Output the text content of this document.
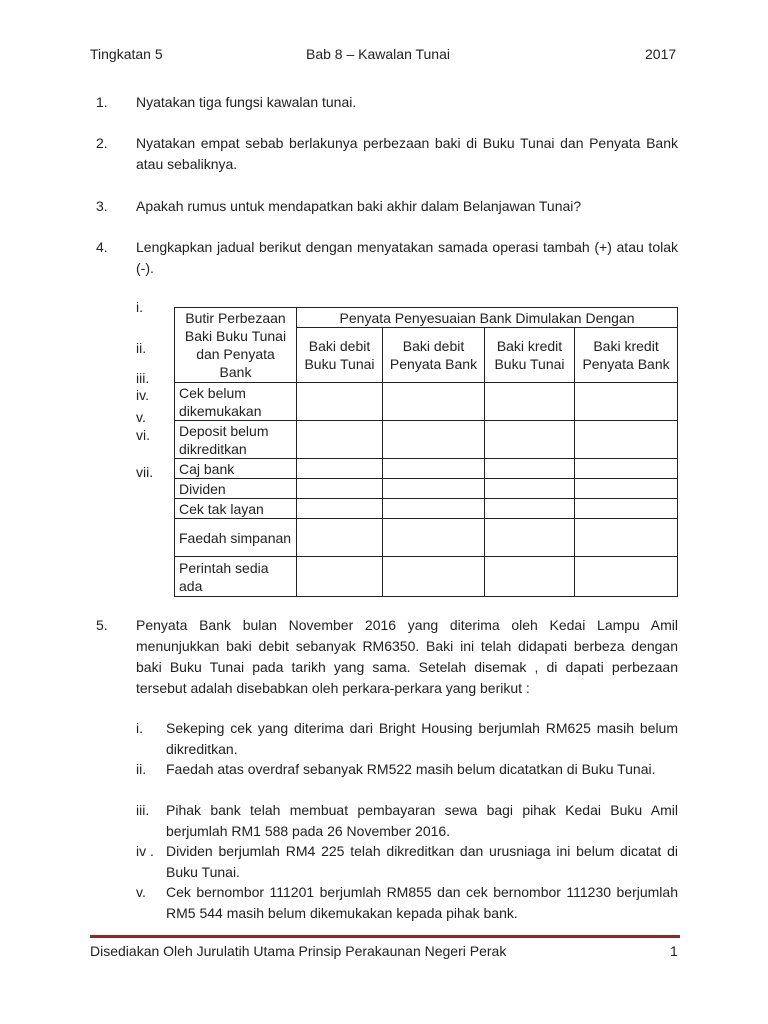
Tingkatan 5	Bab 8 – Kawalan Tunai	2017
1. Nyatakan tiga fungsi kawalan tunai.
2. Nyatakan empat sebab berlakunya perbezaan baki di Buku Tunai dan Penyata Bank atau sebaliknya.
3. Apakah rumus untuk mendapatkan baki akhir dalam Belanjawan Tunai?
4. Lengkapkan jadual berikut dengan menyatakan samada operasi tambah (+) atau tolak (-).
i.
ii.
iii.
iv.
v.
vi.
vii.
Butir Perbezaan Baki Buku Tunai dan Penyata Bank	Penyata Penyesuaian Bank Dimulakan Dengan			
	Baki debit Buku Tunai	Baki debit Penyata Bank	Baki kredit Buku Tunai	Baki kredit Penyata Bank
Cek belum dikemukakan				
Deposit belum dikreditkan				
Caj bank				
Dividen				
Cek tak layan				
Faedah simpanan				
Perintah sedia ada				
5. Penyata Bank bulan November 2016 yang diterima oleh Kedai Lampu Amil menunjukkan baki debit sebanyak RM6350. Baki ini telah didapati berbeza dengan baki Buku Tunai pada tarikh yang sama. Setelah disemak , di dapati perbezaan tersebut adalah disebabkan oleh perkara-perkara yang berikut :
i. Sekeping cek yang diterima dari Bright Housing berjumlah RM625 masih belum dikreditkan.
ii. Faedah atas overdraf sebanyak RM522 masih belum dicatatkan di Buku Tunai.
iii. Pihak bank telah membuat pembayaran sewa bagi pihak Kedai Buku Amil berjumlah RM1 588 pada 26 November 2016.
iv . Dividen berjumlah RM4 225 telah dikreditkan dan urusniaga ini belum dicatat di Buku Tunai.
v. Cek bernombor 111201 berjumlah RM855 dan cek bernombor 111230 berjumlah RM5 544 masih belum dikemukakan kepada pihak bank.
Disediakan Oleh Jurulatih Utama Prinsip Perakaunan Negeri Perak	1
